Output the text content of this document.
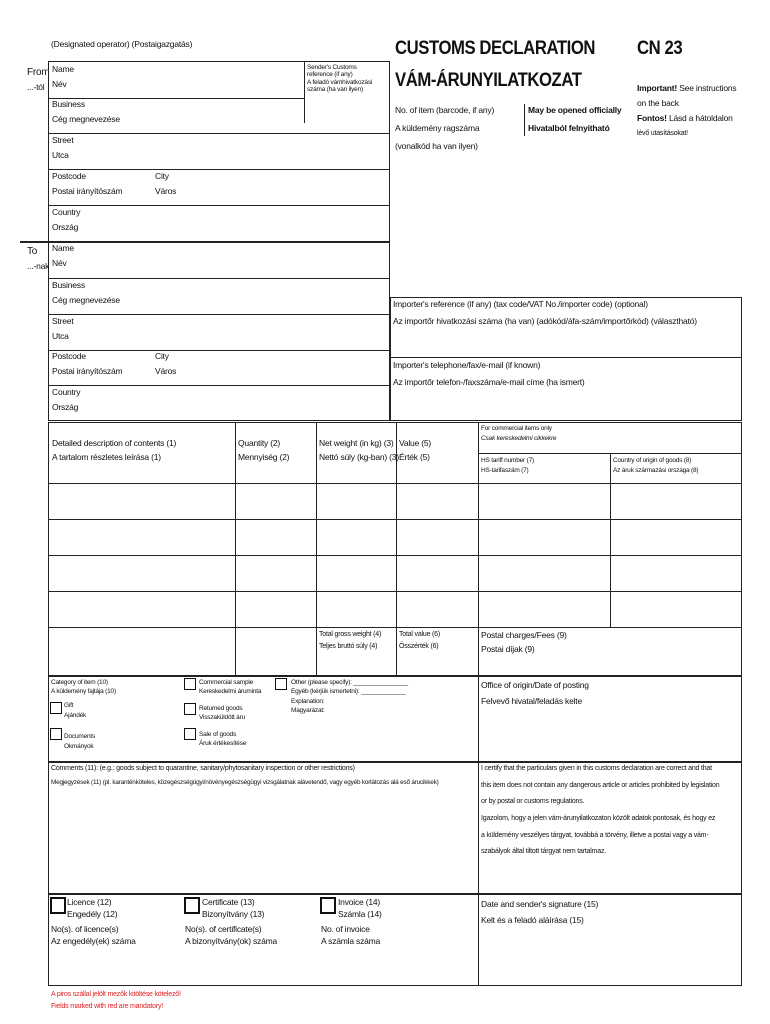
(Designated operator) (Postaigazgatás)	CUSTOMS DECLARATION
VÁM-ÁRUNYILATKOZAT
CN 23
Important! See instructions
on the back
Fontos! Lásd a hátoldalon
lévő utasításokat!
No. of item (barcode, if any)
A küldemény ragszáma
(vonalkód ha van ilyen)
May be opened officially
Hivatalból felnyitható
From
...-tól
Name
Név
Sender's Customs
reference (if any)
A feladó vámhivatkozási
száma (ha van ilyen)
Business
Cég megnevezése
Street
Utca
Postcode
Postai irányítószám
City
Város
Country
Ország
To
...-nak
Name
Név
Business
Cég megnevezése
Street
Utca
Postcode
Postai irányítószám
City
Város
Country
Ország
Importer's reference (if any) (tax code/VAT No./importer code) (optional)
Az importőr hivatkozási száma (ha van) (adókód/áfa-szám/importőrkód) (választható)
Importer's telephone/fax/e-mail (if known)
Az importőr telefon-/faxszáma/e-mail címe (ha ismert)
Detailed description of contents (1)
A tartalom részletes leírása (1)
Quantity (2)
Mennyiség (2)
Net weight (in kg) (3)
Nettó súly (kg-ban) (3)
Value (5)
Érték (5)
For commercial items only
Csak kereskedelmi cikkekre
HS tariff number (7)
HS-tarifaszám (7)
Country of origin of goods (8)
Az áruk származási országa (8)
Total gross weight (4)
Teljes bruttó súly (4)
Total value (6)
Összérték (6)
Postal charges/Fees (9)
Postai díjak (9)
Category of item (10)
A küldemény fajtája (10)
Gift
Ajándék
Documents
Okmányok
Commercial sample
Kereskedelmi áruminta
Returned goods
Visszaküldött áru
Sale of goods
Áruk értékesítése
Other (please specify): ________________
Egyéb (kérjük ismertetni): _____________
Explanation:
Magyarázat:
Office of origin/Date of posting
Felvevő hivatal/feladás kelte
Comments (11): (e.g.: goods subject to quarantine, sanitary/phytosanitary inspection or other restrictions)
Megjegyzések (11) (pl. karanténköteles, közegészségügyi/növényegészségügyi vizsgálatnak alávetendő, vagy egyéb korlátozás alá eső árucikkek)
I certify that the particulars given in this customs declaration are correct and that
this item does not contain any dangerous article or articles prohibited by legislation
or by postal or customs regulations.
Igazolom, hogy a jelen vám-árunyilatkozaton közölt adatok pontosak, és hogy ez
a küldemény veszélyes tárgyat, továbbá a törvény, illetve a postai vagy a vám-
szabályok által tiltott tárgyat nem tartalmaz.
Licence (12)
Engedély (12)
No(s). of licence(s)
Az engedély(ek) száma
Certificate (13)
Bizonyítvány (13)
No(s). of certificate(s)
A bizonyítvány(ok) száma
Invoice (14)
Számla (14)
No. of invoice
A számla száma
Date and sender's signature (15)
Kelt és a feladó aláírása (15)
A piros szállal jelölt mezők kitöltése kötelező!
Fields marked with red are mandatory!
